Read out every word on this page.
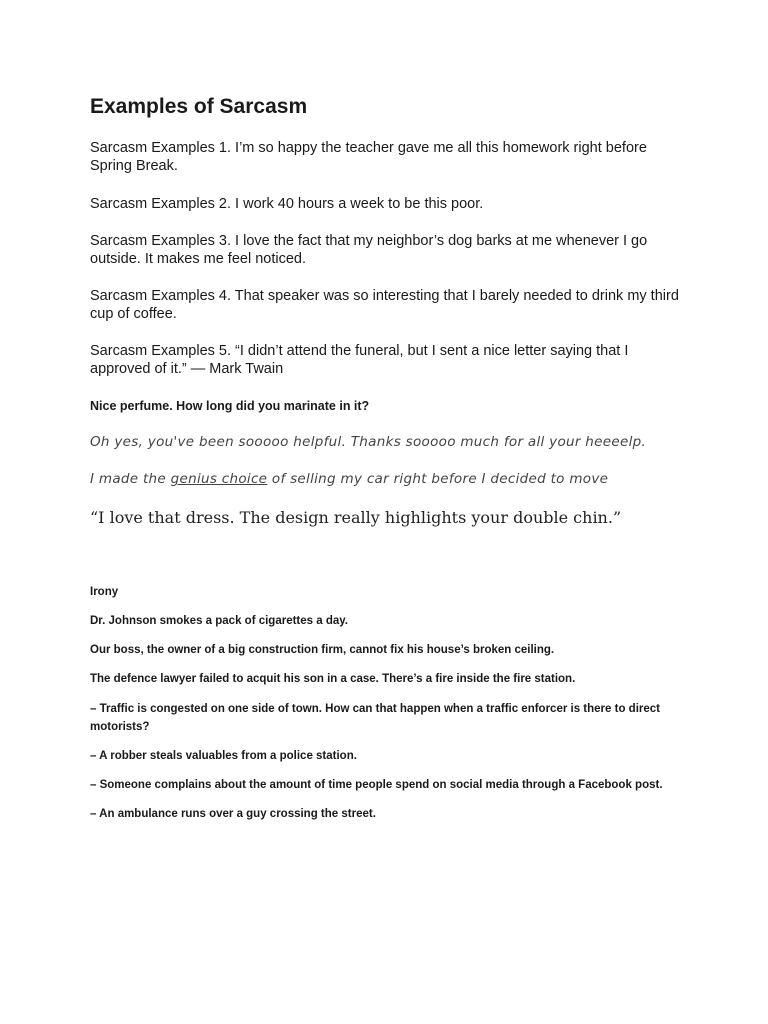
Examples of Sarcasm

Sarcasm Examples 1. I’m so happy the teacher gave me all this homework right before Spring Break.

Sarcasm Examples 2. I work 40 hours a week to be this poor.

Sarcasm Examples 3. I love the fact that my neighbor’s dog barks at me whenever I go outside. It makes me feel noticed.

Sarcasm Examples 4. That speaker was so interesting that I barely needed to drink my third cup of coffee.

Sarcasm Examples 5. “I didn’t attend the funeral, but I sent a nice letter saying that I approved of it.” — Mark Twain

Nice perfume. How long did you marinate in it?

Oh yes, you've been sooooo helpful. Thanks sooooo much for all your heeeelp.

I made the genius choice of selling my car right before I decided to move

“I love that dress. The design really highlights your double chin.”

Irony

Dr. Johnson smokes a pack of cigarettes a day.

Our boss, the owner of a big construction firm, cannot fix his house’s broken ceiling.

The defence lawyer failed to acquit his son in a case. There’s a fire inside the fire station.

– Traffic is congested on one side of town. How can that happen when a traffic enforcer is there to direct motorists?

– A robber steals valuables from a police station.

– Someone complains about the amount of time people spend on social media through a Facebook post.

– An ambulance runs over a guy crossing the street.
